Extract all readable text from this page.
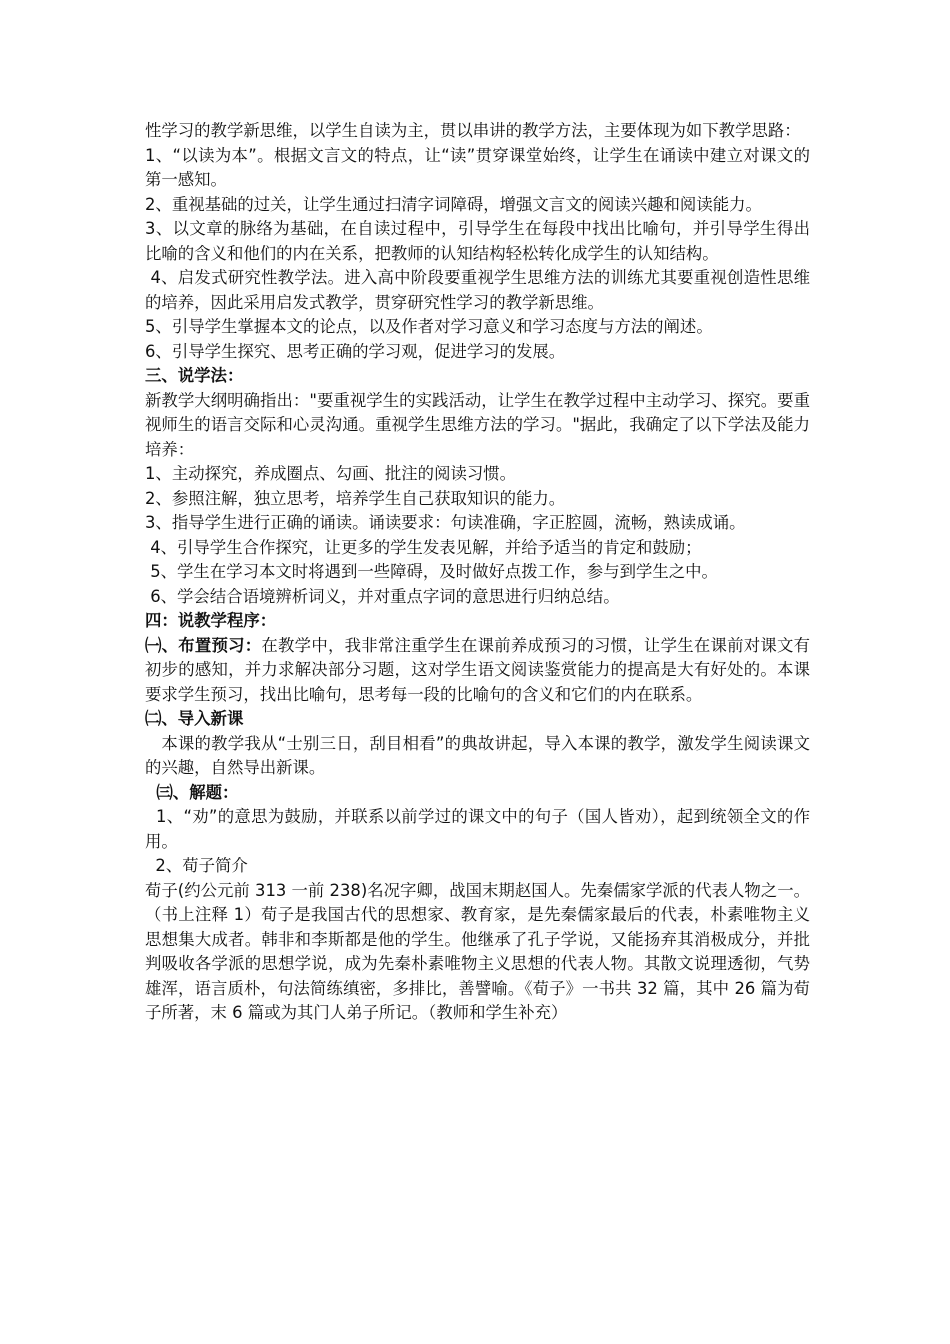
性学习的教学新思维，以学生自读为主，贯以串讲的教学方法，主要体现为如下教学思路：

1、“以读为本”。根据文言文的特点，让“读”贯穿课堂始终，让学生在诵读中建立对课文的第一感知。

2、重视基础的过关，让学生通过扫清字词障碍，增强文言文的阅读兴趣和阅读能力。

3、以文章的脉络为基础，在自读过程中，引导学生在每段中找出比喻句，并引导学生得出比喻的含义和他们的内在关系，把教师的认知结构轻松转化成学生的认知结构。

4、启发式研究性教学法。进入高中阶段要重视学生思维方法的训练尤其要重视创造性思维的培养，因此采用启发式教学，贯穿研究性学习的教学新思维。

5、引导学生掌握本文的论点，以及作者对学习意义和学习态度与方法的阐述。

6、引导学生探究、思考正确的学习观，促进学习的发展。

三、说学法：

新教学大纲明确指出："要重视学生的实践活动，让学生在教学过程中主动学习、探究。要重视师生的语言交际和心灵沟通。重视学生思维方法的学习。"据此，我确定了以下学法及能力培养：

1、主动探究，养成圈点、勾画、批注的阅读习惯。

2、参照注解，独立思考，培养学生自己获取知识的能力。

3、指导学生进行正确的诵读。诵读要求：句读准确，字正腔圆，流畅，熟读成诵。

4、引导学生合作探究，让更多的学生发表见解，并给予适当的肯定和鼓励；

5、学生在学习本文时将遇到一些障碍，及时做好点拨工作，参与到学生之中。

6、学会结合语境辨析词义，并对重点字词的意思进行归纳总结。

四：说教学程序：

㈠、布置预习：在教学中，我非常注重学生在课前养成预习的习惯，让学生在课前对课文有初步的感知，并力求解决部分习题，这对学生语文阅读鉴赏能力的提高是大有好处的。本课要求学生预习，找出比喻句，思考每一段的比喻句的含义和它们的内在联系。

㈡、导入新课

本课的教学我从“士别三日，刮目相看”的典故讲起，导入本课的教学，激发学生阅读课文的兴趣，自然导出新课。

㈢、解题：

1、“劝”的意思为鼓励，并联系以前学过的课文中的句子（国人皆劝），起到统领全文的作用。

2、荀子简介

荀子(约公元前 313 一前 238)名况字卿，战国末期赵国人。先秦儒家学派的代表人物之一。（书上注释 1）荀子是我国古代的思想家、教育家，是先秦儒家最后的代表，朴素唯物主义思想集大成者。韩非和李斯都是他的学生。他继承了孔子学说，又能扬弃其消极成分，并批判吸收各学派的思想学说，成为先秦朴素唯物主义思想的代表人物。其散文说理透彻，气势雄浑，语言质朴，句法简练缜密，多排比，善譬喻。《荀子》一书共 32 篇，其中 26 篇为荀子所著，末 6 篇或为其门人弟子所记。（教师和学生补充）
